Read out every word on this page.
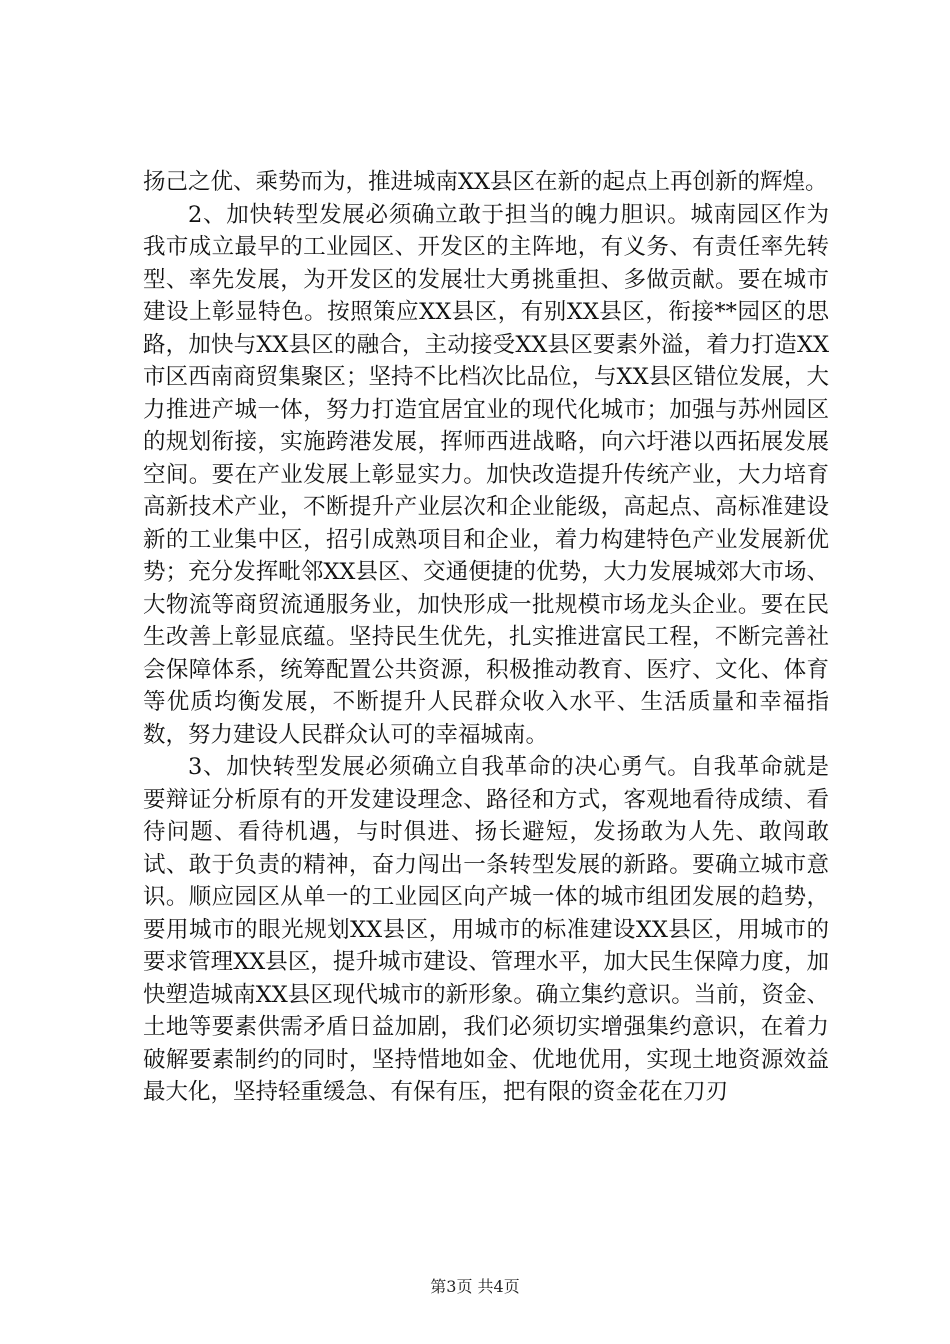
扬己之优、乘势而为，推进城南XX县区在新的起点上再创新的辉煌。

2、加快转型发展必须确立敢于担当的魄力胆识。城南园区作为我市成立最早的工业园区、开发区的主阵地，有义务、有责任率先转型、率先发展，为开发区的发展壮大勇挑重担、多做贡献。要在城市建设上彰显特色。按照策应XX县区，有别XX县区，衔接**园区的思路，加快与XX县区的融合，主动接受XX县区要素外溢，着力打造XX市区西南商贸集聚区；坚持不比档次比品位，与XX县区错位发展，大力推进产城一体，努力打造宜居宜业的现代化城市；加强与苏州园区的规划衔接，实施跨港发展，挥师西进战略，向六圩港以西拓展发展空间。要在产业发展上彰显实力。加快改造提升传统产业，大力培育高新技术产业，不断提升产业层次和企业能级，高起点、高标准建设新的工业集中区，招引成熟项目和企业，着力构建特色产业发展新优势；充分发挥毗邻XX县区、交通便捷的优势，大力发展城郊大市场、大物流等商贸流通服务业，加快形成一批规模市场龙头企业。要在民生改善上彰显底蕴。坚持民生优先，扎实推进富民工程，不断完善社会保障体系，统筹配置公共资源，积极推动教育、医疗、文化、体育等优质均衡发展，不断提升人民群众收入水平、生活质量和幸福指数，努力建设人民群众认可的幸福城南。

3、加快转型发展必须确立自我革命的决心勇气。自我革命就是要辩证分析原有的开发建设理念、路径和方式，客观地看待成绩、看待问题、看待机遇，与时俱进、扬长避短，发扬敢为人先、敢闯敢试、敢于负责的精神，奋力闯出一条转型发展的新路。要确立城市意识。顺应园区从单一的工业园区向产城一体的城市组团发展的趋势，要用城市的眼光规划XX县区，用城市的标准建设XX县区，用城市的要求管理XX县区，提升城市建设、管理水平，加大民生保障力度，加快塑造城南XX县区现代城市的新形象。确立集约意识。当前，资金、土地等要素供需矛盾日益加剧，我们必须切实增强集约意识，在着力破解要素制约的同时，坚持惜地如金、优地优用，实现土地资源效益最大化，坚持轻重缓急、有保有压，把有限的资金花在刀刃

第3页 共4页
